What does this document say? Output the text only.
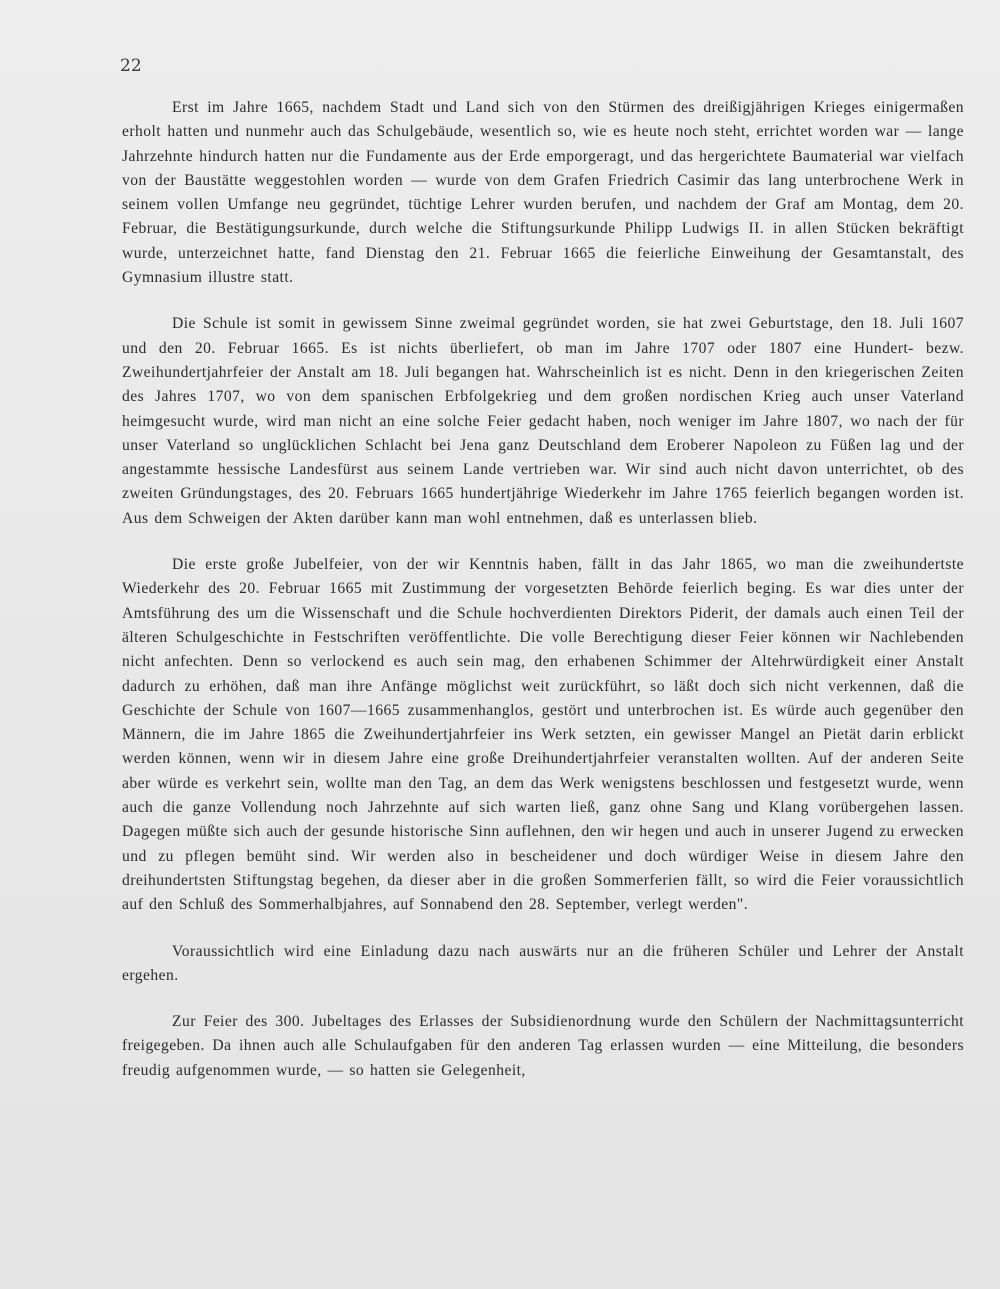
22

Erst im Jahre 1665, nachdem Stadt und Land sich von den Stürmen des dreißigjährigen Krieges einigermaßen erholt hatten und nunmehr auch das Schulgebäude, wesentlich so, wie es heute noch steht, errichtet worden war — lange Jahrzehnte hindurch hatten nur die Fundamente aus der Erde emporgeragt, und das hergerichtete Baumaterial war vielfach von der Baustätte weggestohlen worden — wurde von dem Grafen Friedrich Casimir das lang unterbrochene Werk in seinem vollen Umfange neu gegründet, tüchtige Lehrer wurden berufen, und nachdem der Graf am Montag, dem 20. Februar, die Bestätigungsurkunde, durch welche die Stiftungsurkunde Philipp Ludwigs II. in allen Stücken bekräftigt wurde, unterzeichnet hatte, fand Dienstag den 21. Februar 1665 die feierliche Einweihung der Gesamtanstalt, des Gymnasium illustre statt.

Die Schule ist somit in gewissem Sinne zweimal gegründet worden, sie hat zwei Geburtstage, den 18. Juli 1607 und den 20. Februar 1665. Es ist nichts überliefert, ob man im Jahre 1707 oder 1807 eine Hundert- bezw. Zweihundertjahrfeier der Anstalt am 18. Juli begangen hat. Wahrscheinlich ist es nicht. Denn in den kriegerischen Zeiten des Jahres 1707, wo von dem spanischen Erbfolgekrieg und dem großen nordischen Krieg auch unser Vaterland heimgesucht wurde, wird man nicht an eine solche Feier gedacht haben, noch weniger im Jahre 1807, wo nach der für unser Vaterland so unglücklichen Schlacht bei Jena ganz Deutschland dem Eroberer Napoleon zu Füßen lag und der angestammte hessische Landesfürst aus seinem Lande vertrieben war. Wir sind auch nicht davon unterrichtet, ob des zweiten Gründungstages, des 20. Februars 1665 hundertjährige Wiederkehr im Jahre 1765 feierlich begangen worden ist. Aus dem Schweigen der Akten darüber kann man wohl entnehmen, daß es unterlassen blieb.

Die erste große Jubelfeier, von der wir Kenntnis haben, fällt in das Jahr 1865, wo man die zweihundertste Wiederkehr des 20. Februar 1665 mit Zustimmung der vorgesetzten Behörde feierlich beging. Es war dies unter der Amtsführung des um die Wissenschaft und die Schule hochverdienten Direktors Piderit, der damals auch einen Teil der älteren Schulgeschichte in Festschriften veröffentlichte. Die volle Berechtigung dieser Feier können wir Nachlebenden nicht anfechten. Denn so verlockend es auch sein mag, den erhabenen Schimmer der Altehrwürdigkeit einer Anstalt dadurch zu erhöhen, daß man ihre Anfänge möglichst weit zurückführt, so läßt doch sich nicht verkennen, daß die Geschichte der Schule von 1607—1665 zusammenhanglos, gestört und unterbrochen ist. Es würde auch gegenüber den Männern, die im Jahre 1865 die Zweihundertjahrfeier ins Werk setzten, ein gewisser Mangel an Pietät darin erblickt werden können, wenn wir in diesem Jahre eine große Dreihundertjahrfeier veranstalten wollten. Auf der anderen Seite aber würde es verkehrt sein, wollte man den Tag, an dem das Werk wenigstens beschlossen und festgesetzt wurde, wenn auch die ganze Vollendung noch Jahrzehnte auf sich warten ließ, ganz ohne Sang und Klang vorübergehen lassen. Dagegen müßte sich auch der gesunde historische Sinn auflehnen, den wir hegen und auch in unserer Jugend zu erwecken und zu pflegen bemüht sind. Wir werden also in bescheidener und doch würdiger Weise in diesem Jahre den dreihundertsten Stiftungstag begehen, da dieser aber in die großen Sommerferien fällt, so wird die Feier voraussichtlich auf den Schluß des Sommerhalbjahres, auf Sonnabend den 28. September, verlegt werden".

Voraussichtlich wird eine Einladung dazu nach auswärts nur an die früheren Schüler und Lehrer der Anstalt ergehen.

Zur Feier des 300. Jubeltages des Erlasses der Subsidienordnung wurde den Schülern der Nachmittagsunterricht freigegeben. Da ihnen auch alle Schulaufgaben für den anderen Tag erlassen wurden — eine Mitteilung, die besonders freudig aufgenommen wurde, — so hatten sie Gelegenheit,
